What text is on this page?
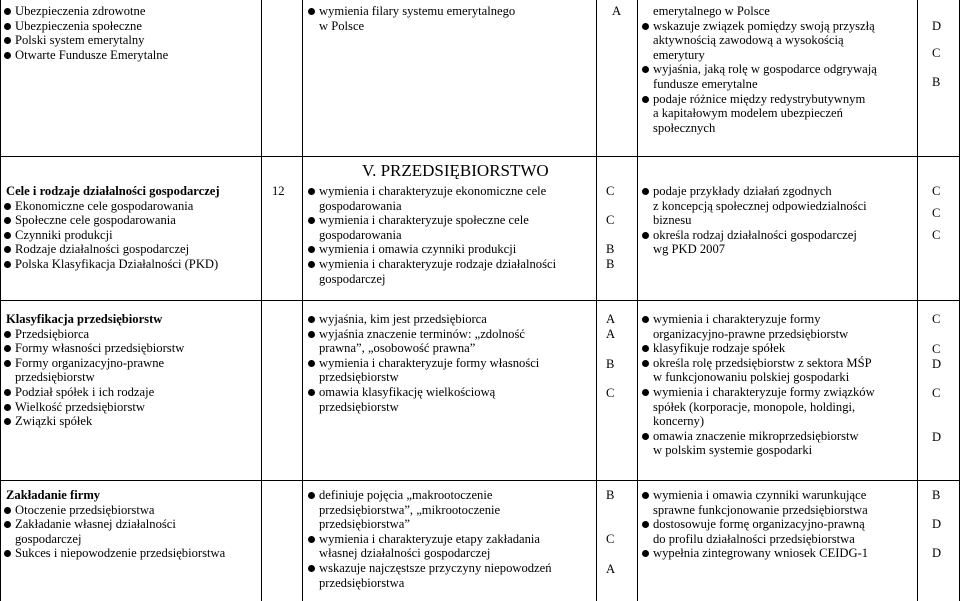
Ubezpieczenia zdrowotne
Ubezpieczenia społeczne
Polski system emerytalny
Otwarte Fundusze Emerytalne
wymienia filary systemu emerytalnego
w Polsce
A	emerytalnego w Polsce
wskazuje związek pomiędzy swoją przyszłą
aktywnością zawodową a wysokością
emerytury
wyjaśnia, jaką rolę w gospodarce odgrywają
fundusze emerytalne
podaje różnice między redystrybutywnym
a kapitałowym modelem ubezpieczeń
społecznych
D
C
B
V. PRZEDSIĘBIORSTWO
Cele i rodzaje działalności gospodarczej
Ekonomiczne cele gospodarowania
Społeczne cele gospodarowania
Czynniki produkcji
Rodzaje działalności gospodarczej
Polska Klasyfikacja Działalności (PKD)
12	wymienia i charakteryzuje ekonomiczne cele
gospodarowania
wymienia i charakteryzuje społeczne cele
gospodarowania
wymienia i omawia czynniki produkcji
wymienia i charakteryzuje rodzaje działalności
gospodarczej
C
C
B
B
podaje przykłady działań zgodnych
z koncepcją społecznej odpowiedzialności
biznesu
określa rodzaj działalności gospodarczej
wg PKD 2007
C
C
C
Klasyfikacja przedsiębiorstw
Przedsiębiorca
Formy własności przedsiębiorstw
Formy organizacyjno-prawne
przedsiębiorstw
Podział spółek i ich rodzaje
Wielkość przedsiębiorstw
Związki spółek
wyjaśnia, kim jest przedsiębiorca
wyjaśnia znaczenie terminów: „zdolność
prawna”, „osobowość prawna”
wymienia i charakteryzuje formy własności
przedsiębiorstw
omawia klasyfikację wielkościową
przedsiębiorstw
A
A
B
C
wymienia i charakteryzuje formy
organizacyjno-prawne przedsiębiorstw
klasyfikuje rodzaje spółek
określa rolę przedsiębiorstw z sektora MŚP
w funkcjonowaniu polskiej gospodarki
wymienia i charakteryzuje formy związków
spółek (korporacje, monopole, holdingi,
koncerny)
omawia znaczenie mikroprzedsiębiorstw
w polskim systemie gospodarki
C
C
D
C
D
Zakładanie firmy
Otoczenie przedsiębiorstwa
Zakładanie własnej działalności
gospodarczej
Sukces i niepowodzenie przedsiębiorstwa
definiuje pojęcia „makrootoczenie
przedsiębiorstwa”, „mikrootoczenie
przedsiębiorstwa”
wymienia i charakteryzuje etapy zakładania
własnej działalności gospodarczej
wskazuje najczęstsze przyczyny niepowodzeń
przedsiębiorstwa
B
C
A
wymienia i omawia czynniki warunkujące
sprawne funkcjonowanie przedsiębiorstwa
dostosowuje formę organizacyjno-prawną
do profilu działalności przedsiębiorstwa
wypełnia zintegrowany wniosek CEIDG-1
B
D
D
